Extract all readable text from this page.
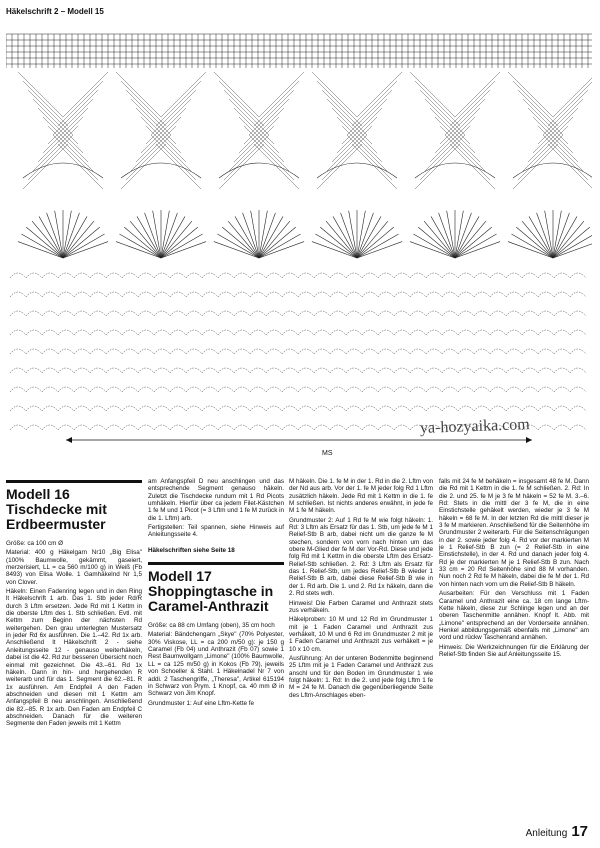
Häkelschrift 2 – Modell 15
MS
ya-hozyaika.com
Modell 16 Tischdecke mit Erdbeermuster

Größe: ca 100 cm Ø

Material: 400 g Häkelgarn Nr10 „Big Elisa" (100% Baumwolle, gekämmt, gaseiert, merzerisiert, LL = ca 560 m/100 g) in Weiß (Fb 8493) von Elisa Wolle. 1 Gamhäkelnd Nr 1,5 von Clover.

Häkeln: Einen Fadenring legen und in den Ring lt Häkelschrift 1 arb. Das 1. Stb jeder Rd/R durch 3 Lftm ersetzen. Jede Rd mit 1 Kettm in die oberste Lftm des 1. Stb schließen. Evtl. mit Kettm zum Beginn der nächsten Rd weitergehen. Den grau unterlegten Mustersatz in jeder Rd 6x ausführen. Die 1.–42. Rd 1x arb. Anschließend lt Häkelschrift 2 - siehe Anleitungsseite 12 - genauso weiterhäkeln, dabei ist die 42. Rd zur besseren Übersicht noch einmal mit gezeichnet. Die 43.–61. Rd 1x häkeln. Dann in hin- und hergehenden R weiterarb und für das 1. Segment die 62.–81. R 1x ausführen. Am Endpfeil A den Faden abschneiden und diesen mit 1 Kettm am Anfangspfeil B neu anschlingen. Anschließend die 82.–85. R 1x arb. Den Faden am Endpfeil C abschneiden. Danach für die weiteren Segmente den Faden jeweils mit 1 Kettm

am Anfangspfeil D neu anschlingen und das entsprechende Segment genauso häkeln. Zuletzt die Tischdecke rundum mit 1 Rd Picots umhäkeln. Hierfür über ca jedem Filet-Kästchen 1 fe M und 1 Picot (= 3 Lftm und 1 fe M zurück in die 1. Lftm) arb.

Fertigstellen: Teil spannen, siehe Hinweis auf Anleitungsseite 4.

Häkelschriften siehe Seite 18
Modell 17 Shoppingtasche in Caramel-Anthrazit

Größe: ca 88 cm Umfang (oben), 35 cm hoch

Material: Bändchengarn „Skye" (70% Polyester, 30% Viskose, LL = ca 200 m/50 g): je 150 g Caramel (Fb 04) und Anthrazit (Fb 07) sowie 1 Rest Baumwollgarn „Limone" (100% Baumwolle, LL = ca 125 m/50 g) in Kokos (Fb 79), jeweils von Schoeller & Stahl. 1 Häkelnadel Nr 7 von addi. 2 Taschengriffe, „Theresa", Artikel 615194 in Schwarz von Prym. 1 Knopf, ca. 40 mm Ø in Schwarz von Jim Knopf.

Grundmuster 1: Auf eine Lftm-Kette fe

M häkeln. Die 1. fe M in der 1. Rd in die 2. Lftm von der Nd aus arb. Vor der 1. fe M jeder folg Rd 1 Lftm zusätzlich häkeln. Jede Rd mit 1 Kettm in die 1. fe M schließen. Ist nichts anderes erwähnt, in jede fe M 1 fe M häkeln.

Grundmuster 2: Auf 1 Rd fe M wie folgt häkeln: 1. Rd: 3 Lftm als Ersatz für das 1. Stb, um jede fe M 1 Relief-Stb B arb, dabei nicht um die ganze fe M stechen, sondern von vorn nach hinten um das obere M-Glied der fe M der Vor-Rd. Diese und jede folg Rd mit 1 Kettm in die oberste Lftm des Ersatz-Relief-Stb schließen. 2. Rd: 3 Lftm als Ersatz für das 1. Relief-Stb, um jedes Relief-Stb B wieder 1 Relief-Stb B arb, dabei diese Relief-Stb B wie in der 1. Rd arb. Die 1. und 2. Rd 1x häkeln, dann die 2. Rd stets wdh.

Hinweis! Die Farben Caramel und Anthrazit stets zus verhäkeln.

Häkelproben: 10 M und 12 Rd im Grundmuster 1 mit je 1 Faden Caramel und Anthrazit zus verhäkelt, 10 M und 6 Rd im Grundmuster 2 mit je 1 Faden Caramel und Anthrazit zus verhäkelt = je 10 x 10 cm.

Ausführung: An der unteren Bodenmitte beginnend 25 Lftm mit je 1 Faden Caramel und Anthrazit zus anschl und für den Boden im Grundmuster 1 wie folgt häkeln: 1. Rd: In die 2. und jede folg Lftm 1 fe M = 24 fe M. Danach die gegenüberliegende Seite des Lftm-Anschlages eben-

falls mit 24 fe M behäkeln = insgesamt 48 fe M. Dann die Rd mit 1 Kettm in die 1. fe M schließen. 2. Rd: In die 2. und 25. fe M je 3 fe M häkeln = 52 fe M. 3.–6. Rd: Stets in die mittl der 3 fe M, die in eine Einstichstelle gehäkelt werden, wieder je 3 fe M häkeln = 68 fe M. In der letzten Rd die mittl dieser je 3 fe M markieren. Anschließend für die Seitenhöhe im Grundmuster 2 weiterarb. Für die Seitenschrägungen in der 2. sowie jeder folg 4. Rd vor der markierten M je 1 Relief-Stb B zun (= 2 Relief-Stb in eine Einstichstelle), in der 4. Rd und danach jeder folg 4. Rd je der markierten M je 1 Relief-Stb B zun. Nach 33 cm = 20 Rd Seitenhöhe sind 88 M vorhanden. Nun noch 2 Rd fe M häkeln, dabei die fe M der 1. Rd von hinten nach vorn um die Relief-Stb B häkeln.

Ausarbeiten: Für den Verschluss mit 1 Faden Caramel und Anthrazit eine ca. 18 cm lange Lftm-Kette häkeln, diese zur Schlinge legen und an der oberen Taschenmitte annähen. Knopf lt. Abb. mit „Limone" entsprechend an der Vorderseite annähen. Henkel abbildungsgemäß ebenfalls mit „Limone" am vord und rückw Taschenrand annähen.

Hinweis: Die Werkzeichnungen für die Erklärung der Relief-Stb finden Sie auf Anleitungsseite 15.

Anleitung 17
